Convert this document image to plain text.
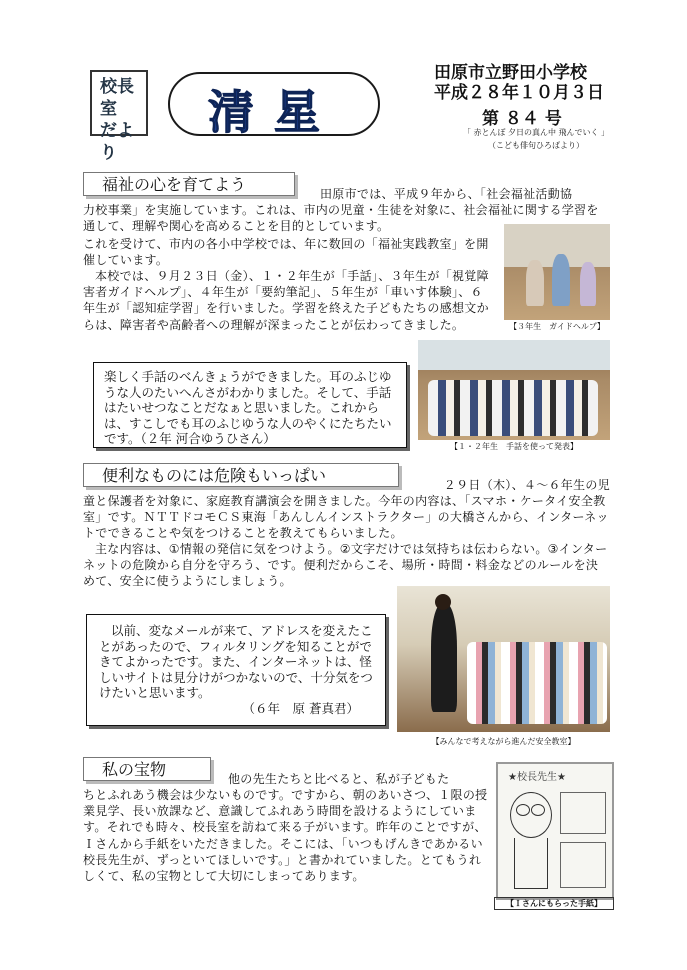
校長室
だより
清星
田原市立野田小学校
平成２８年１０月３日
第 ８４ 号
「 赤とんぼ 夕日の真ん中 飛んでいく 」
（こども俳句ひろばより）
福祉の心を育てよう	田原市では、平成９年から、「社会福祉活動協
力校事業」を実施しています。これは、市内の児童・生徒を対象に、社会福祉に関する学習を通して、理解や関心を高めることを目的としています。
これを受けて、市内の各小中学校では、年に数回の「福祉実践教室」を開催しています。
本校では、９月２３日（金）、１・２年生が「手話」、３年生が「視覚障害者ガイドヘルプ」、４年生が「要約筆記」、５年生が「車いす体験」、６年生が「認知症学習」を行いました。学習を終えた子どもたちの感想文からは、障害者や高齢者への理解が深まったことが伝わってきました。	【３年生　ガイドヘルプ】
楽しく手話のべんきょうができました。耳のふじゆうな人のたいへんさがわかりました。そして、手話はたいせつなことだなぁと思いました。これからは、すこしでも耳のふじゆうな人のやくにたちたいです。（２年 河合ゆうひさん）
【１・２年生　手話を使って発表】
便利なものには危険もいっぱい	２９日（木）、４～６年生の児
童と保護者を対象に、家庭教育講演会を開きました。今年の内容は、「スマホ・ケータイ安全教室」です。ＮＴＴドコモＣＳ東海「あんしんインストラクター」の大橋さんから、インターネットでできることや気をつけることを教えてもらいました。
主な内容は、①情報の発信に気をつけよう。②文字だけでは気持ちは伝わらない。③インターネットの危険から自分を守ろう、です。便利だからこそ、場所・時間・料金などのルールを決めて、安全に使うようにしましょう。
以前、変なメールが来て、アドレスを変えたことがあったので、フィルタリングを知ることができてよかったです。また、インターネットは、怪しいサイトは見分けがつかないので、十分気をつけたいと思います。
（６年　原 蒼真君）
【みんなで考えながら進んだ安全教室】
私の宝物	他の先生たちと比べると、私が子どもた
ちとふれあう機会は少ないものです。ですから、朝のあいさつ、１限の授業見学、長い放課など、意識してふれあう時間を設けるようにしています。それでも時々、校長室を訪ねて来る子がいます。昨年のことですが、Ｉさんから手紙をいただきました。そこには、「いつもげんきであかるい校長先生が、ずっといてほしいです。」と書かれていました。とてもうれしくて、私の宝物として大切にしまってあります。
★校長先生★
【Ｉさんにもらった手紙】
